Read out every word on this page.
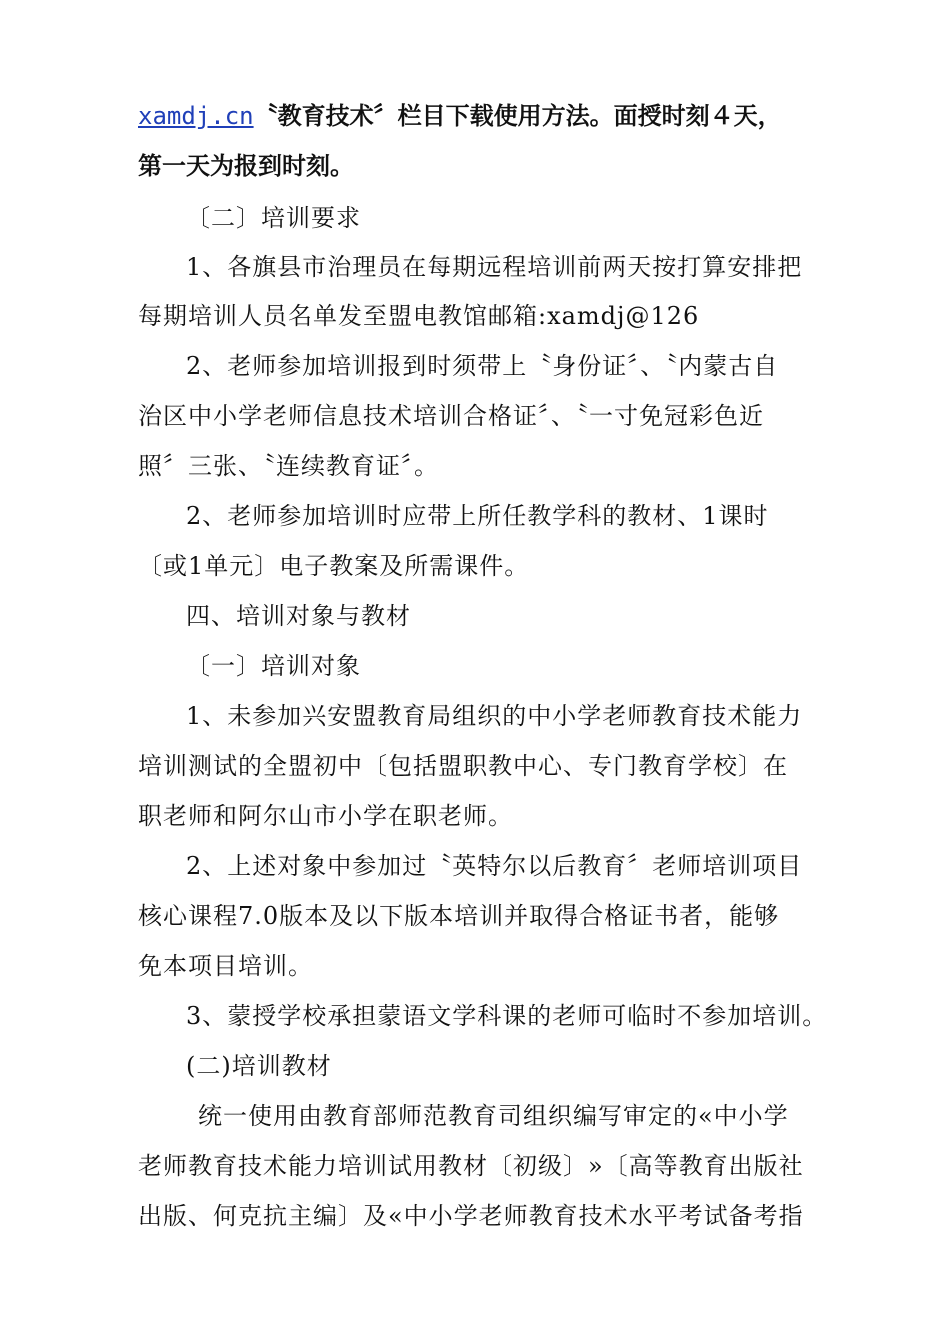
xamdj.cn〝教育技术〞栏目下载使用方法。面授时刻４天，
第一天为报到时刻。
〔二〕培训要求
1、各旗县市治理员在每期远程培训前两天按打算安排把
每期培训人员名单发至盟电教馆邮箱:xamdj@126
2、老师参加培训报到时须带上〝身份证〞、〝内蒙古自
治区中小学老师信息技术培训合格证〞、〝一寸免冠彩色近
照〞三张、〝连续教育证〞。
2、老师参加培训时应带上所任教学科的教材、1课时
〔或1单元〕电子教案及所需课件。
四、培训对象与教材
〔一〕培训对象
1、未参加兴安盟教育局组织的中小学老师教育技术能力
培训测试的全盟初中〔包括盟职教中心、专门教育学校〕在
职老师和阿尔山市小学在职老师。
2、上述对象中参加过〝英特尔以后教育〞老师培训项目
核心课程7.0版本及以下版本培训并取得合格证书者，能够
免本项目培训。
3、蒙授学校承担蒙语文学科课的老师可临时不参加培训。
(二)培训教材
统一使用由教育部师范教育司组织编写审定的«中小学
老师教育技术能力培训试用教材〔初级〕»〔高等教育出版社
出版、何克抗主编〕及«中小学老师教育技术水平考试备考指
